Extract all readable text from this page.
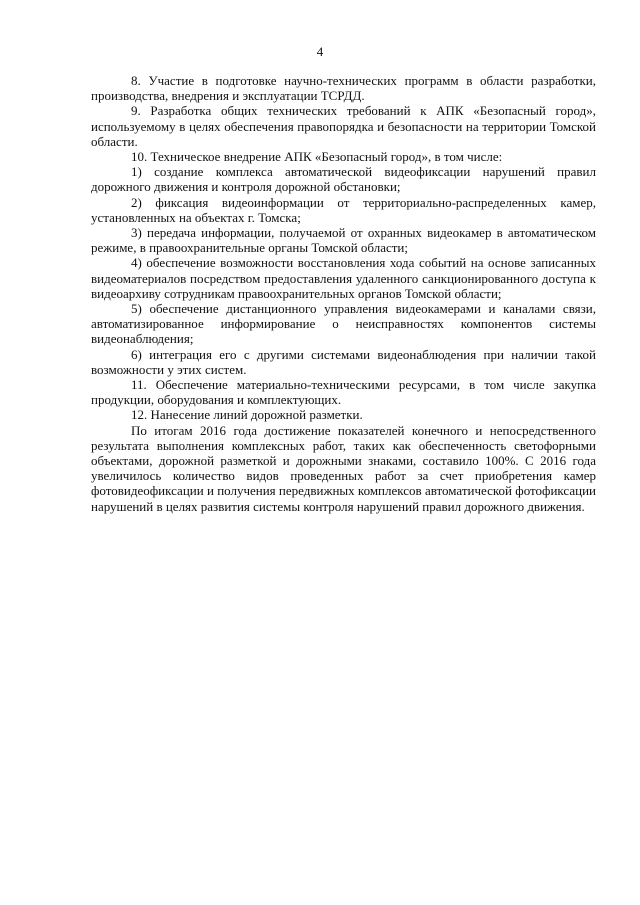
4

8. Участие в подготовке научно-технических программ в области разработки, производства, внедрения и эксплуатации ТСРДД.

9. Разработка общих технических требований к АПК «Безопасный город», используемому в целях обеспечения правопорядка и безопасности на территории Томской области.

10. Техническое внедрение АПК «Безопасный город», в том числе:

1) создание комплекса автоматической видеофиксации нарушений правил дорожного движения и контроля дорожной обстановки;

2) фиксация видеоинформации от территориально-распределенных камер, установленных на объектах г. Томска;

3) передача информации, получаемой от охранных видеокамер в автоматическом режиме, в правоохранительные органы Томской области;

4) обеспечение возможности восстановления хода событий на основе записанных видеоматериалов посредством предоставления удаленного санкционированного доступа к видеоархиву сотрудникам правоохранительных органов Томской области;

5) обеспечение дистанционного управления видеокамерами и каналами связи, автоматизированное информирование о неисправностях компонентов системы видеонаблюдения;

6) интеграция его с другими системами видеонаблюдения при наличии такой возможности у этих систем.

11. Обеспечение материально-техническими ресурсами, в том числе закупка продукции, оборудования и комплектующих.

12. Нанесение линий дорожной разметки.

По итогам 2016 года достижение показателей конечного и непосредственного результата выполнения комплексных работ, таких как обеспеченность светофорными объектами, дорожной разметкой и дорожными знаками, составило 100%. С 2016 года увеличилось количество видов проведенных работ за счет приобретения камер фотовидеофиксации и получения передвижных комплексов автоматической фотофиксации нарушений в целях развития системы контроля нарушений правил дорожного движения.
